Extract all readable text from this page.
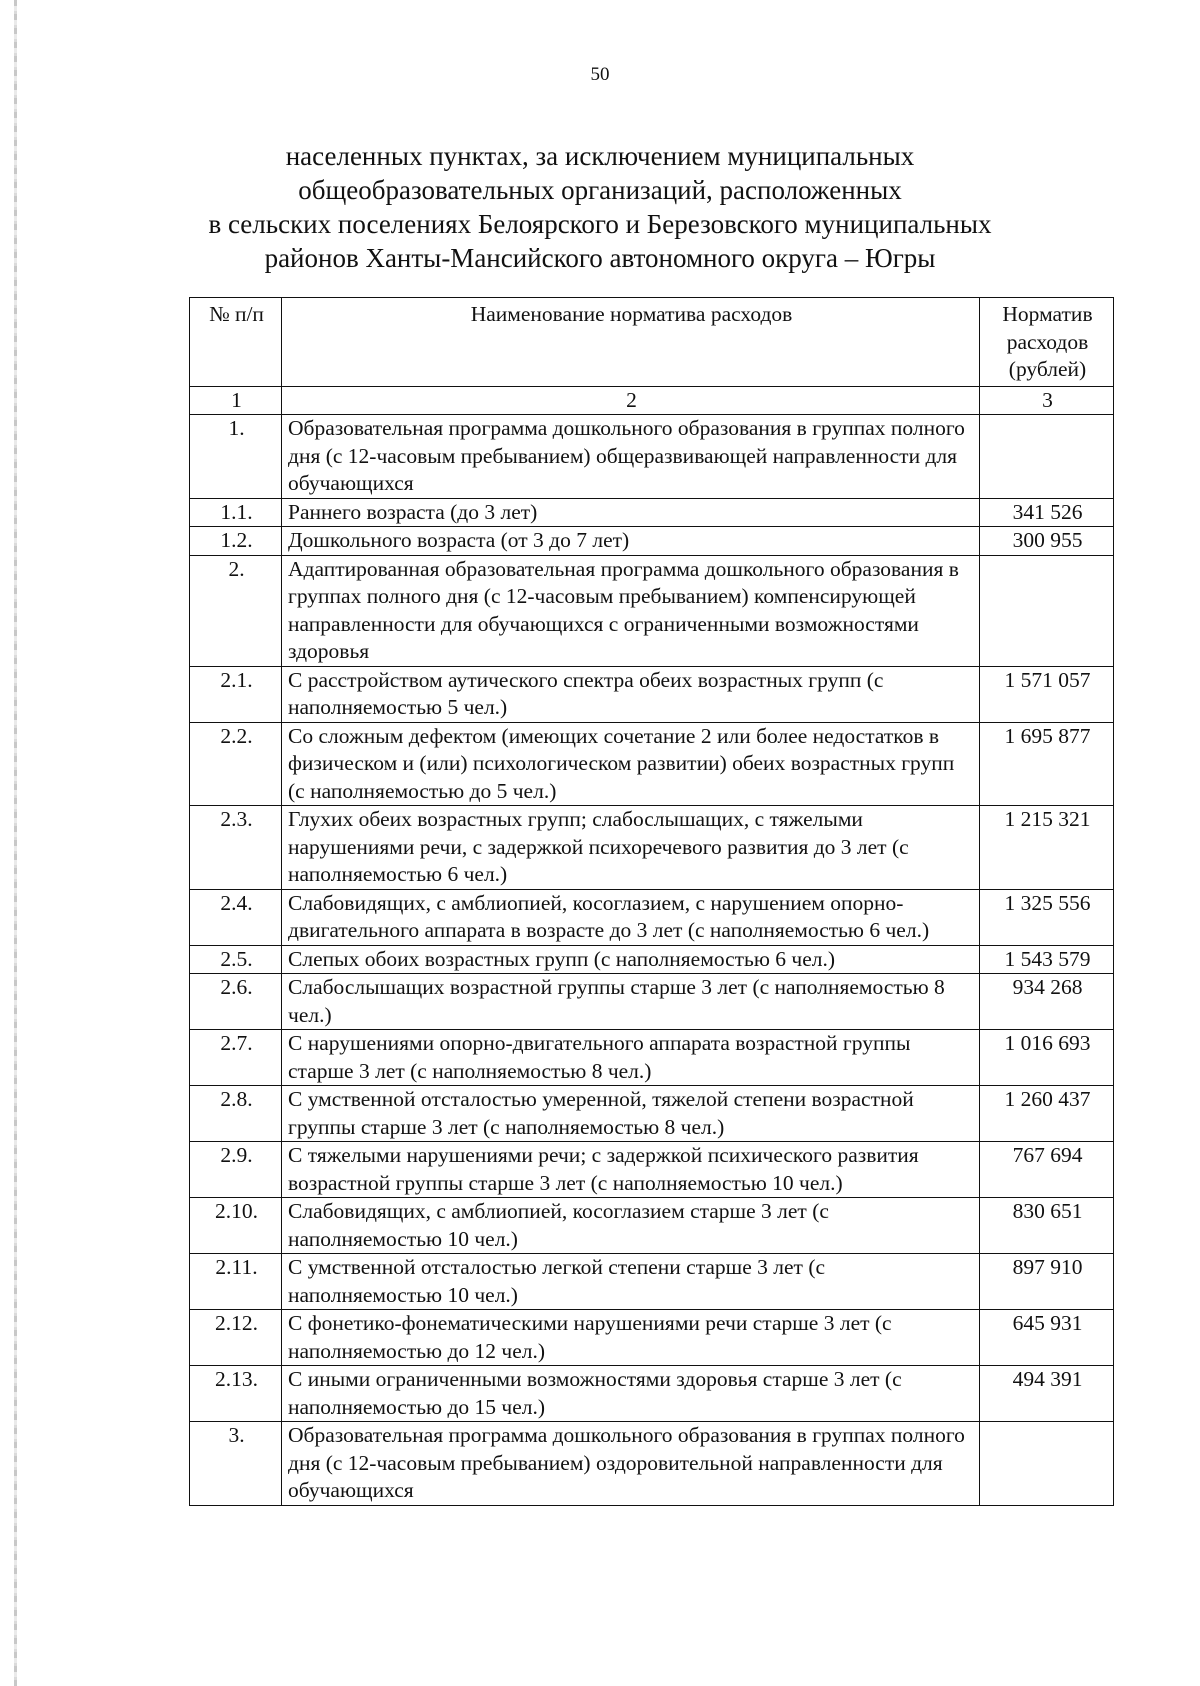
50
населенных пунктах, за исключением муниципальных
общеобразовательных организаций, расположенных
в сельских поселениях Белоярского и Березовского муниципальных
районов Ханты-Мансийского автономного округа – Югры
№ п/п	Наименование норматива расходов	Норматив расходов (рублей)
1	2	3
1.	Образовательная программа дошкольного образования в группах полного дня (с 12-часовым пребыванием) общеразвивающей направленности для обучающихся	
1.1.	Раннего возраста (до 3 лет)	341 526
1.2.	Дошкольного возраста (от 3 до 7 лет)	300 955
2.	Адаптированная образовательная программа дошкольного образования в группах полного дня (с 12-часовым пребыванием) компенсирующей направленности для обучающихся с ограниченными возможностями здоровья	
2.1.	С расстройством аутического спектра обеих возрастных групп (с наполняемостью 5 чел.)	1 571 057
2.2.	Со сложным дефектом (имеющих сочетание 2 или более недостатков в физическом и (или) психологическом развитии) обеих возрастных групп (с наполняемостью до 5 чел.)	1 695 877
2.3.	Глухих обеих возрастных групп; слабослышащих, с тяжелыми нарушениями речи, с задержкой психоречевого развития до 3 лет (с наполняемостью 6 чел.)	1 215 321
2.4.	Слабовидящих, с амблиопией, косоглазием, с нарушением опорно-двигательного аппарата в возрасте до 3 лет (с наполняемостью 6 чел.)	1 325 556
2.5.	Слепых обоих возрастных групп (с наполняемостью 6 чел.)	1 543 579
2.6.	Слабослышащих возрастной группы старше 3 лет (с наполняемостью 8 чел.)	934 268
2.7.	С нарушениями опорно-двигательного аппарата возрастной группы старше 3 лет (с наполняемостью 8 чел.)	1 016 693
2.8.	С умственной отсталостью умеренной, тяжелой степени возрастной группы старше 3 лет (с наполняемостью 8 чел.)	1 260 437
2.9.	С тяжелыми нарушениями речи; с задержкой психического развития возрастной группы старше 3 лет (с наполняемостью 10 чел.)	767 694
2.10.	Слабовидящих, с амблиопией, косоглазием старше 3 лет (с наполняемостью 10 чел.)	830 651
2.11.	С умственной отсталостью легкой степени старше 3 лет (с наполняемостью 10 чел.)	897 910
2.12.	С фонетико-фонематическими нарушениями речи старше 3 лет (с наполняемостью до 12 чел.)	645 931
2.13.	С иными ограниченными возможностями здоровья старше 3 лет (с наполняемостью до 15 чел.)	494 391
3.	Образовательная программа дошкольного образования в группах полного дня (с 12-часовым пребыванием) оздоровительной направленности для обучающихся	
